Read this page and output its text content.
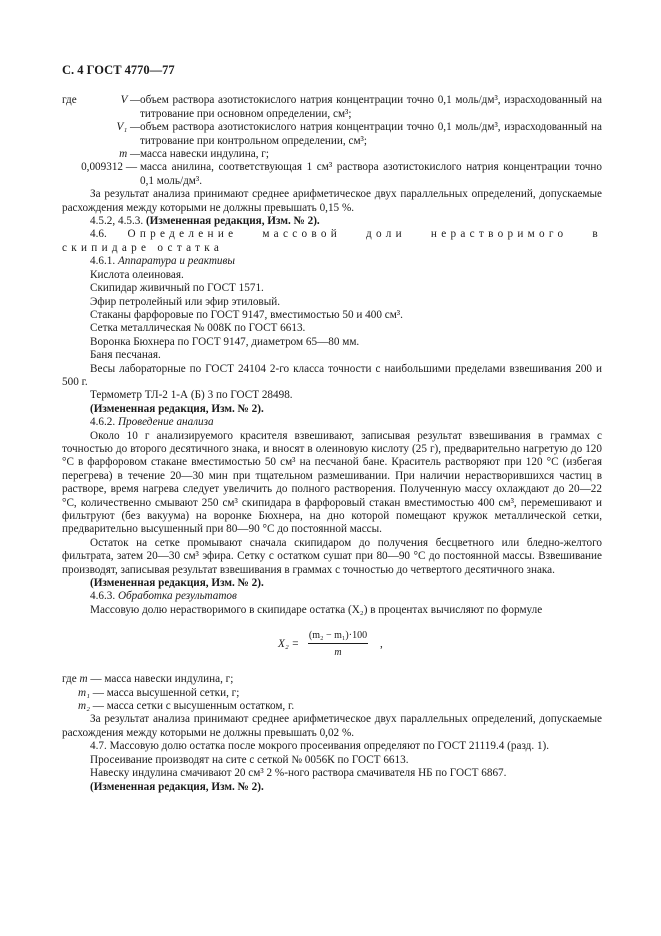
С. 4 ГОСТ 4770—77
где	V —	объем раствора азотистокислого натрия концентрации точно 0,1 моль/дм³, израсходованный на титрование при основном определении, см³;
	V₁ —	объем раствора азотистокислого натрия концентрации точно 0,1 моль/дм³, израсходованный на титрование при контрольном определении, см³;
	m —	масса навески индулина, г;
0,009312 —		масса анилина, соответствующая 1 см³ раствора азотистокислого натрия концентрации точно 0,1 моль/дм³.

За результат анализа принимают среднее арифметическое двух параллельных определений, допускаемые расхождения между которыми не должны превышать 0,15 %.

4.5.2, 4.5.3. (Измененная редакция, Изм. № 2).

4.6. Определение массовой доли нерастворимого в скипидаре остатка

4.6.1. Аппаратура и реактивы

Кислота олеиновая.

Скипидар живичный по ГОСТ 1571.

Эфир петролейный или эфир этиловый.

Стаканы фарфоровые по ГОСТ 9147, вместимостью 50 и 400 см³.

Сетка металлическая № 008К по ГОСТ 6613.

Воронка Бюхнера по ГОСТ 9147, диаметром 65—80 мм.

Баня песчаная.

Весы лабораторные по ГОСТ 24104 2-го класса точности с наибольшими пределами взвешивания 200 и 500 г.

Термометр ТЛ-2 1-А (Б) 3 по ГОСТ 28498.

(Измененная редакция, Изм. № 2).

4.6.2. Проведение анализа

Около 10 г анализируемого красителя взвешивают, записывая результат взвешивания в граммах с точностью до второго десятичного знака, и вносят в олеиновую кислоту (25 г), предварительно нагретую до 120 °С в фарфоровом стакане вместимостью 50 см³ на песчаной бане. Краситель растворяют при 120 °С (избегая перегрева) в течение 20—30 мин при тщательном размешивании. При наличии нерастворившихся частиц в растворе, время нагрева следует увеличить до полного растворения. Полученную массу охлаждают до 20—22 °С, количественно смывают 250 см³ скипидара в фарфоровый стакан вместимостью 400 см³, перемешивают и фильтруют (без вакуума) на воронке Бюхнера, на дно которой помещают кружок металлической сетки, предварительно высушенный при 80—90 °С до постоянной массы.

Остаток на сетке промывают сначала скипидаром до получения бесцветного или бледно-желтого фильтрата, затем 20—30 см³ эфира. Сетку с остатком сушат при 80—90 °С до постоянной массы. Взвешивание производят, записывая результат взвешивания в граммах с точностью до четвертого десятичного знака.

(Измененная редакция, Изм. № 2).

4.6.3. Обработка результатов

Массовую долю нерастворимого в скипидаре остатка (X₂) в процентах вычисляют по формуле

X₂ =
(m₂ − m₁)·100
m
,

где m — масса навески индулина, г;

m₁ — масса высушенной сетки, г;

m₂ — масса сетки с высушенным остатком, г.

За результат анализа принимают среднее арифметическое двух параллельных определений, допускаемые расхождения между которыми не должны превышать 0,02 %.

4.7. Массовую долю остатка после мокрого просеивания определяют по ГОСТ 21119.4 (разд. 1).

Просеивание производят на сите с сеткой № 0056К по ГОСТ 6613.

Навеску индулина смачивают 20 см³ 2 %-ного раствора смачивателя НБ по ГОСТ 6867.

(Измененная редакция, Изм. № 2).
